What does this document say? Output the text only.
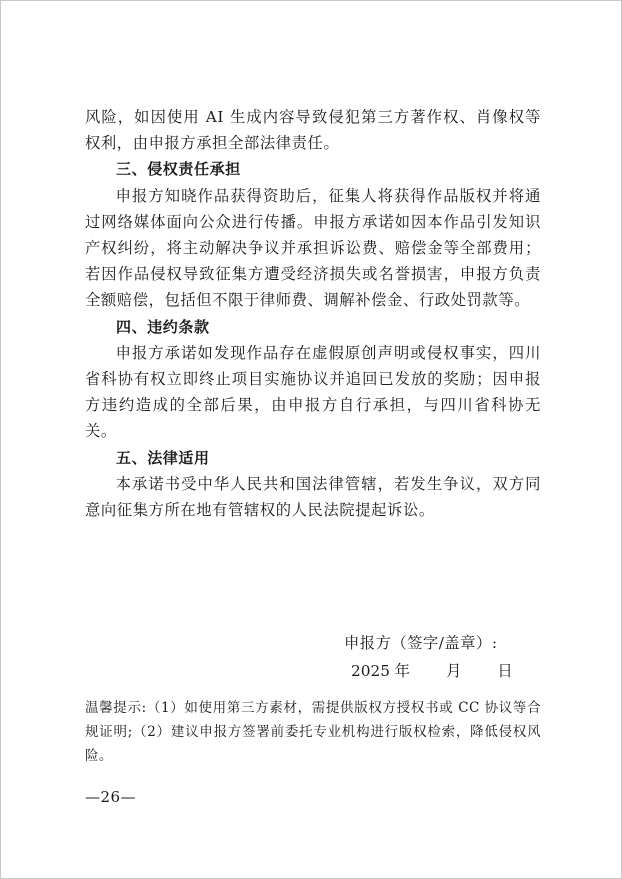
风险，如因使用 AI 生成内容导致侵犯第三方著作权、肖像权等权利，由申报方承担全部法律责任。

三、侵权责任承担

申报方知晓作品获得资助后，征集人将获得作品版权并将通过网络媒体面向公众进行传播。申报方承诺如因本作品引发知识产权纠纷，将主动解决争议并承担诉讼费、赔偿金等全部费用；若因作品侵权导致征集方遭受经济损失或名誉损害，申报方负责全额赔偿，包括但不限于律师费、调解补偿金、行政处罚款等。

四、违约条款

申报方承诺如发现作品存在虚假原创声明或侵权事实，四川省科协有权立即终止项目实施协议并追回已发放的奖励；因申报方违约造成的全部后果，由申报方自行承担，与四川省科协无关。

五、法律适用

本承诺书受中华人民共和国法律管辖，若发生争议，双方同意向征集方所在地有管辖权的人民法院提起诉讼。

申报方（签字/盖章）:
2025 年 月 日
温馨提示:（1）如使用第三方素材，需提供版权方授权书或 CC 协议等合规证明;（2）建议申报方签署前委托专业机构进行版权检索，降低侵权风险。
—26—
